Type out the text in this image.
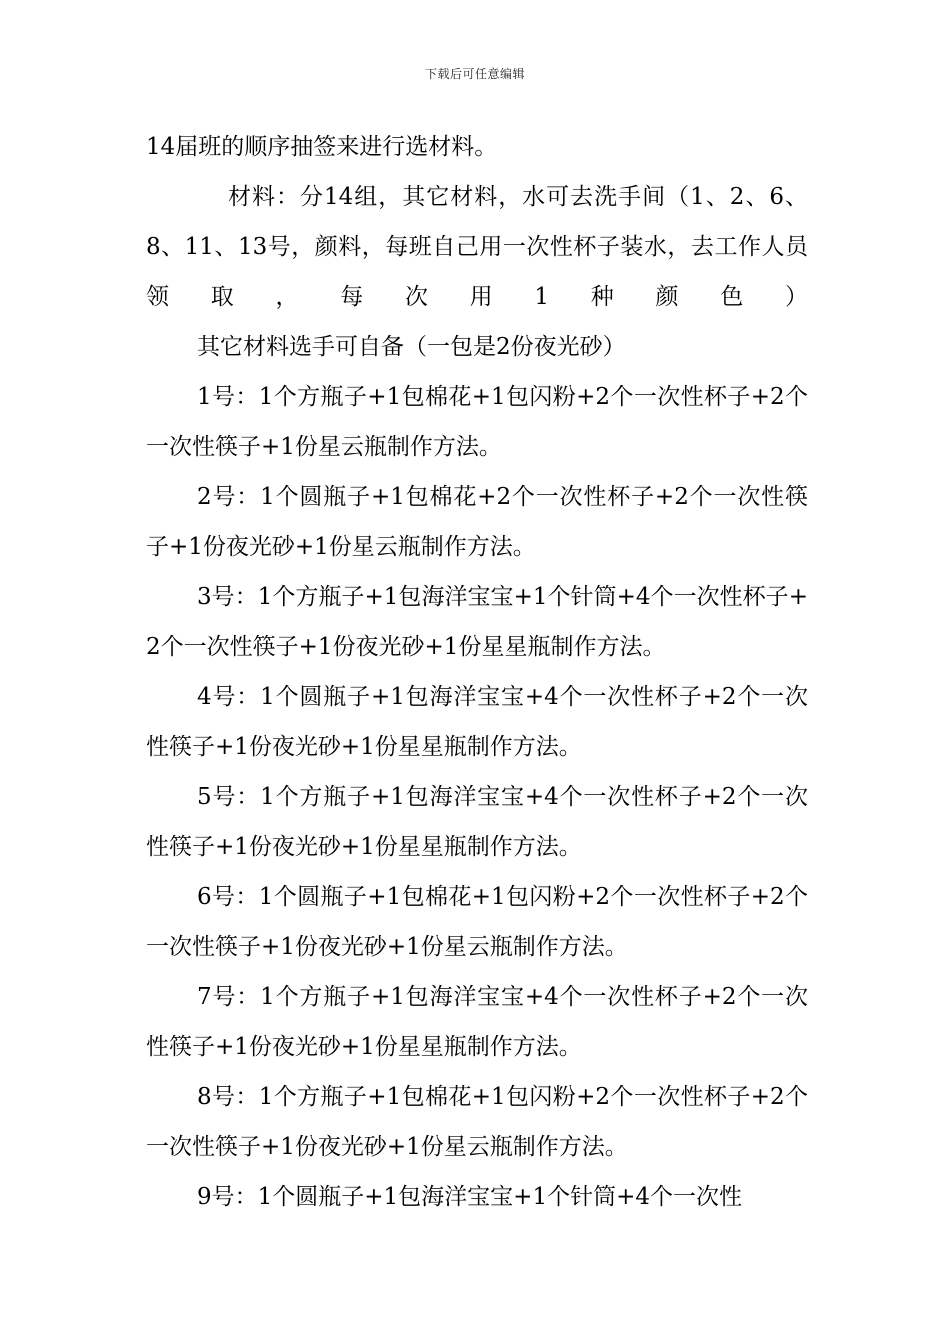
下载后可任意编辑

14届班的顺序抽签来进行选材料。

材料：分14组，其它材料，水可去洗手间（1、2、6、8、11、13号，颜料，每班自己用一次性杯子装水，去工作人员领取，每次用1种颜色）

其它材料选手可自备（一包是2份夜光砂）

1号：1个方瓶子+1包棉花+1包闪粉+2个一次性杯子+2个一次性筷子+1份星云瓶制作方法。

2号：1个圆瓶子+1包棉花+2个一次性杯子+2个一次性筷子+1份夜光砂+1份星云瓶制作方法。

3号：1个方瓶子+1包海洋宝宝+1个针筒+4个一次性杯子+2个一次性筷子+1份夜光砂+1份星星瓶制作方法。

4号：1个圆瓶子+1包海洋宝宝+4个一次性杯子+2个一次性筷子+1份夜光砂+1份星星瓶制作方法。

5号：1个方瓶子+1包海洋宝宝+4个一次性杯子+2个一次性筷子+1份夜光砂+1份星星瓶制作方法。

6号：1个圆瓶子+1包棉花+1包闪粉+2个一次性杯子+2个一次性筷子+1份夜光砂+1份星云瓶制作方法。

7号：1个方瓶子+1包海洋宝宝+4个一次性杯子+2个一次性筷子+1份夜光砂+1份星星瓶制作方法。

8号：1个方瓶子+1包棉花+1包闪粉+2个一次性杯子+2个一次性筷子+1份夜光砂+1份星云瓶制作方法。

9号：1个圆瓶子+1包海洋宝宝+1个针筒+4个一次性
